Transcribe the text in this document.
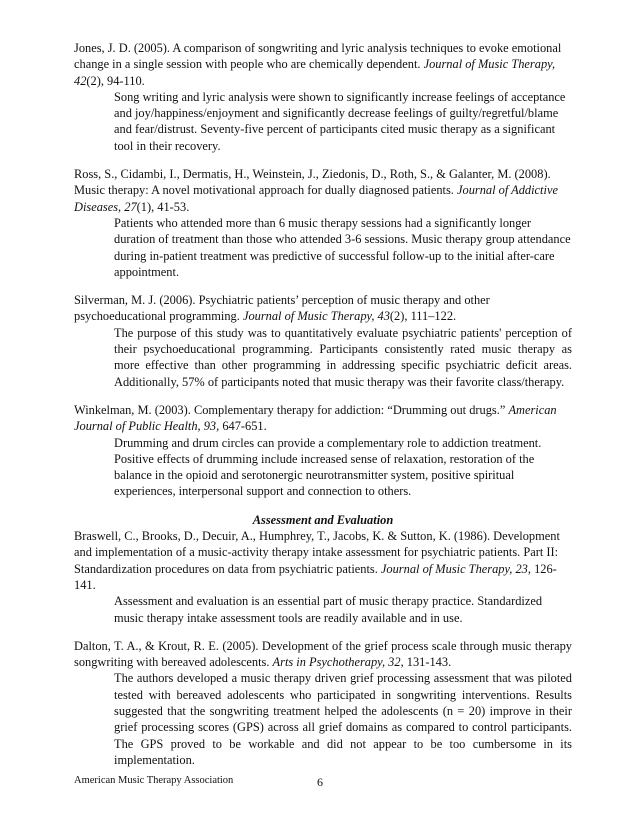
Jones, J. D. (2005). A comparison of songwriting and lyric analysis techniques to evoke emotional change in a single session with people who are chemically dependent. Journal of Music Therapy, 42(2), 94-110.

Song writing and lyric analysis were shown to significantly increase feelings of acceptance and joy/happiness/enjoyment and significantly decrease feelings of guilty/regretful/blame and fear/distrust. Seventy-five percent of participants cited music therapy as a significant tool in their recovery.

Ross, S., Cidambi, I., Dermatis, H., Weinstein, J., Ziedonis, D., Roth, S., & Galanter, M. (2008). Music therapy: A novel motivational approach for dually diagnosed patients. Journal of Addictive Diseases, 27(1), 41-53.

Patients who attended more than 6 music therapy sessions had a significantly longer duration of treatment than those who attended 3-6 sessions. Music therapy group attendance during in-patient treatment was predictive of successful follow-up to the initial after-care appointment.

Silverman, M. J. (2006). Psychiatric patients’ perception of music therapy and other psychoeducational programming. Journal of Music Therapy, 43(2), 111–122.

The purpose of this study was to quantitatively evaluate psychiatric patients' perception of their psychoeducational programming. Participants consistently rated music therapy as more effective than other programming in addressing specific psychiatric deficit areas. Additionally, 57% of participants noted that music therapy was their favorite class/therapy.

Winkelman, M. (2003). Complementary therapy for addiction: “Drumming out drugs.” American Journal of Public Health, 93, 647-651.

Drumming and drum circles can provide a complementary role to addiction treatment. Positive effects of drumming include increased sense of relaxation, restoration of the balance in the opioid and serotonergic neurotransmitter system, positive spiritual experiences, interpersonal support and connection to others.

Assessment and Evaluation

Braswell, C., Brooks, D., Decuir, A., Humphrey, T., Jacobs, K. & Sutton, K. (1986). Development and implementation of a music-activity therapy intake assessment for psychiatric patients. Part II: Standardization procedures on data from psychiatric patients. Journal of Music Therapy, 23, 126-141.

Assessment and evaluation is an essential part of music therapy practice. Standardized music therapy intake assessment tools are readily available and in use.

Dalton, T. A., & Krout, R. E. (2005). Development of the grief process scale through music therapy songwriting with bereaved adolescents. Arts in Psychotherapy, 32, 131-143.

The authors developed a music therapy driven grief processing assessment that was piloted tested with bereaved adolescents who participated in songwriting interventions. Results suggested that the songwriting treatment helped the adolescents (n = 20) improve in their grief processing scores (GPS) across all grief domains as compared to control participants. The GPS proved to be workable and did not appear to be too cumbersome in its implementation.

American Music Therapy Association	6
